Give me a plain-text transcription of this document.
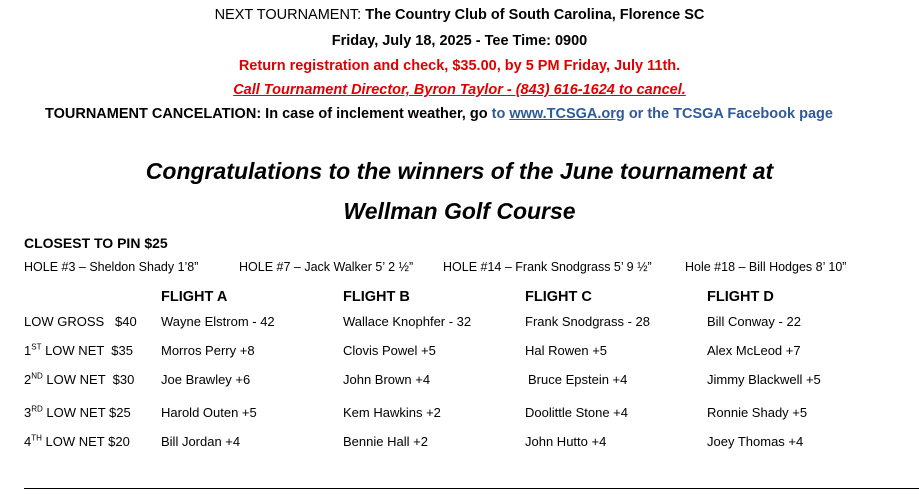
NEXT TOURNAMENT: The Country Club of South Carolina, Florence SC
Friday, July 18, 2025 - Tee Time: 0900
Return registration and check, $35.00, by 5 PM Friday, July 11th.
Call Tournament Director, Byron Taylor - (843) 616-1624 to cancel.
TOURNAMENT CANCELATION: In case of inclement weather, go to www.TCSGA.org or the TCSGA Facebook page
Congratulations to the winners of the June tournament at
Wellman Golf Course
CLOSEST TO PIN $25
HOLE #3 – Sheldon Shady 1’8”	HOLE #7 – Jack Walker 5’ 2 ½” HOLE #14 – Frank Snodgrass 5’ 9 ½”	Hole #18 – Bill Hodges 8’ 10”
FLIGHT A	FLIGHT B	FLIGHT C	FLIGHT D
LOW GROSS   $40 Wayne Elstrom - 42	Wallace Knophfer - 32	Frank Snodgrass - 28	Bill Conway - 22
1ST LOW NET  $35 Morros Perry +8	Clovis Powel +5	Hal Rowen +5	Alex McLeod +7
2ND LOW NET  $30 Joe Brawley +6	John Brown +4	Bruce Epstein +4	Jimmy Blackwell +5
3RD LOW NET $25 Harold Outen +5	Kem Hawkins +2	Doolittle Stone +4	Ronnie Shady +5
4TH LOW NET $20 Bill Jordan +4	Bennie Hall +2	John Hutto +4	Joey Thomas +4
